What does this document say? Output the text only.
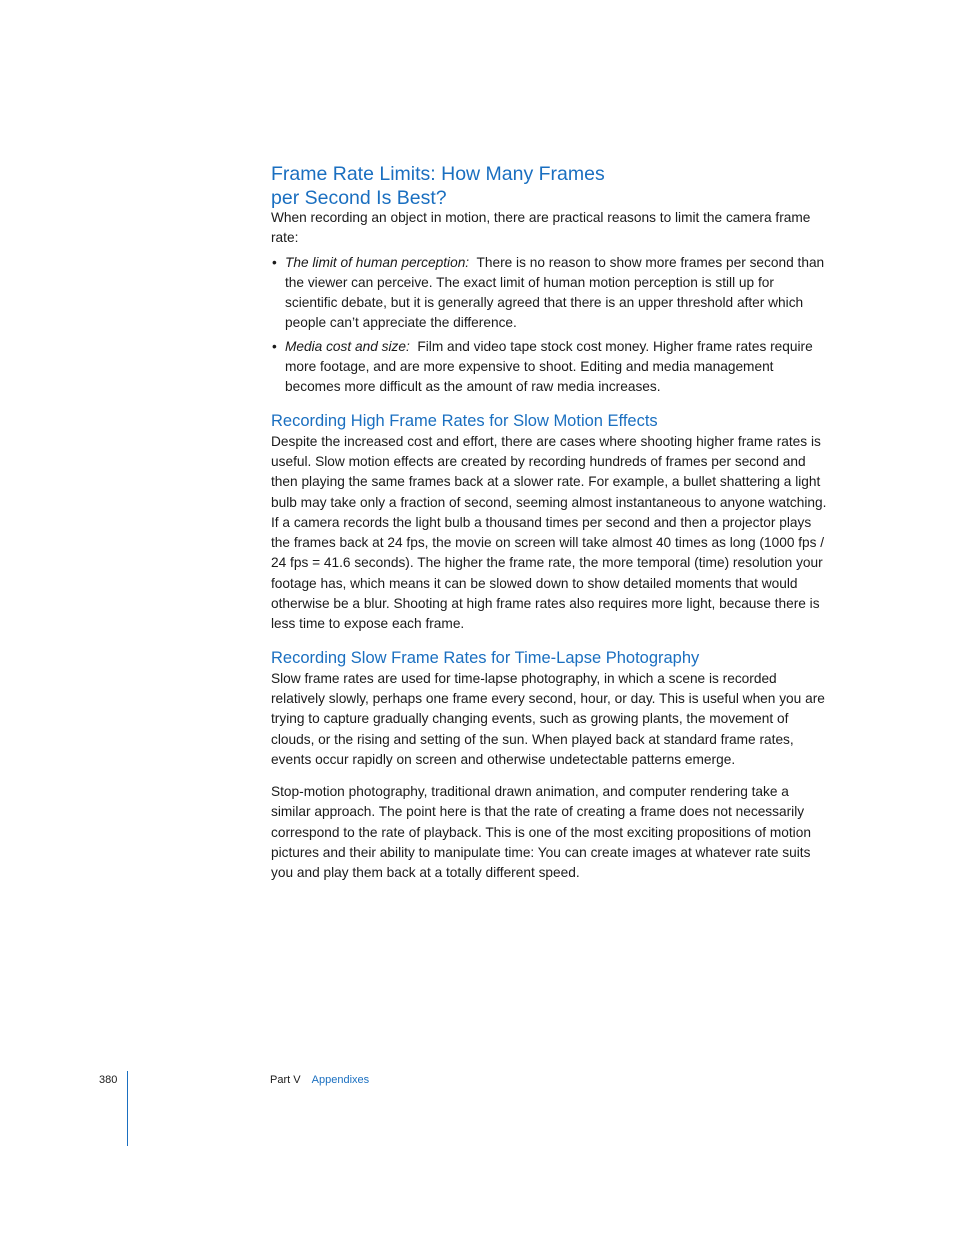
Frame Rate Limits: How Many Frames
per Second Is Best?

When recording an object in motion, there are practical reasons to limit the camera frame rate:

• The limit of human perception: There is no reason to show more frames per second than the viewer can perceive. The exact limit of human motion perception is still up for scientific debate, but it is generally agreed that there is an upper threshold after which people can’t appreciate the difference.
• Media cost and size: Film and video tape stock cost money. Higher frame rates require more footage, and are more expensive to shoot. Editing and media management becomes more difficult as the amount of raw media increases.
Recording High Frame Rates for Slow Motion Effects

Despite the increased cost and effort, there are cases where shooting higher frame rates is useful. Slow motion effects are created by recording hundreds of frames per second and then playing the same frames back at a slower rate. For example, a bullet shattering a light bulb may take only a fraction of second, seeming almost instantaneous to anyone watching. If a camera records the light bulb a thousand times per second and then a projector plays the frames back at 24 fps, the movie on screen will take almost 40 times as long (1000 fps / 24 fps = 41.6 seconds). The higher the frame rate, the more temporal (time) resolution your footage has, which means it can be slowed down to show detailed moments that would otherwise be a blur. Shooting at high frame rates also requires more light, because there is less time to expose each frame.

Recording Slow Frame Rates for Time-Lapse Photography

Slow frame rates are used for time-lapse photography, in which a scene is recorded relatively slowly, perhaps one frame every second, hour, or day. This is useful when you are trying to capture gradually changing events, such as growing plants, the movement of clouds, or the rising and setting of the sun. When played back at standard frame rates, events occur rapidly on screen and otherwise undetectable patterns emerge.

Stop-motion photography, traditional drawn animation, and computer rendering take a similar approach. The point here is that the rate of creating a frame does not necessarily correspond to the rate of playback. This is one of the most exciting propositions of motion pictures and their ability to manipulate time: You can create images at whatever rate suits you and play them back at a totally different speed.

380	Part V Appendixes
